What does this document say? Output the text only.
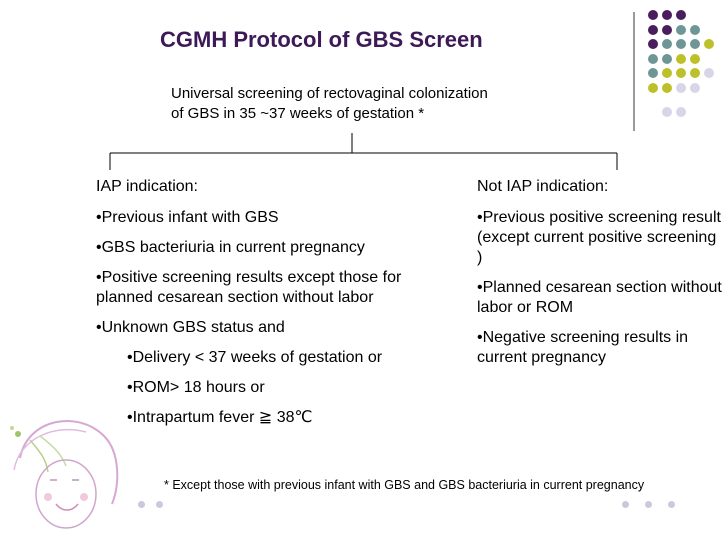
CGMH Protocol of GBS Screen
Universal screening of rectovaginal colonization
of GBS in 35 ~37 weeks of gestation *

IAP indication:

•Previous infant with GBS

•GBS bacteriuria in current pregnancy

•Positive screening results except those for planned cesarean section without labor

•Unknown GBS status and

•Delivery < 37 weeks of gestation or

•ROM> 18 hours or

•Intrapartum fever ≧ 38℃

Not IAP indication:

•Previous positive screening result (except current positive screening )

•Planned cesarean section without labor or ROM

•Negative screening results in current pregnancy

* Except those with previous infant with GBS and GBS bacteriuria in current pregnancy
